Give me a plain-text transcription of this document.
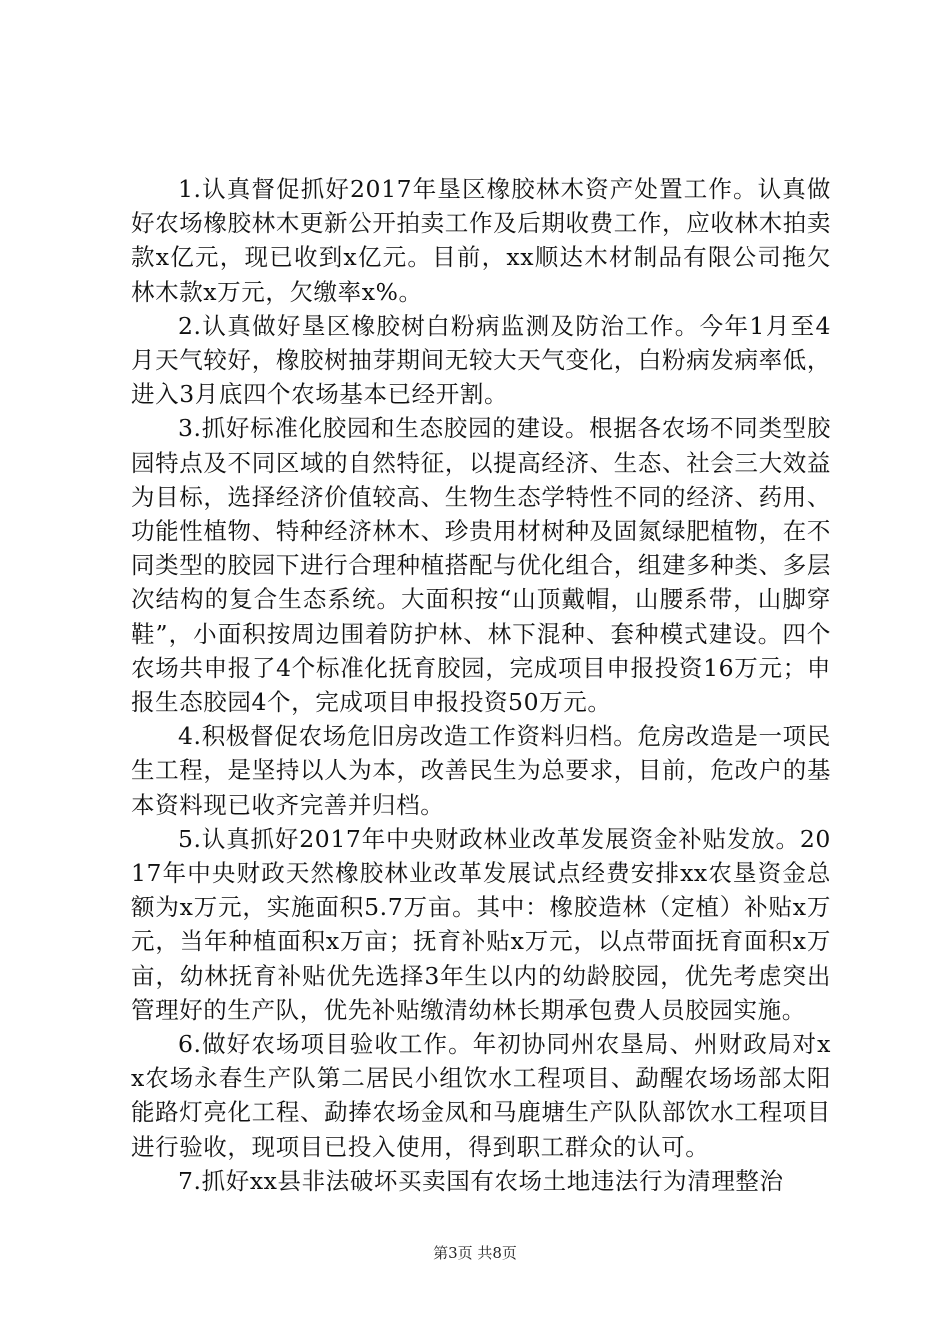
1.认真督促抓好2017年垦区橡胶林木资产处置工作。认真做好农场橡胶林木更新公开拍卖工作及后期收费工作，应收林木拍卖款x亿元，现已收到x亿元。目前，xx顺达木材制品有限公司拖欠林木款x万元，欠缴率x%。

2.认真做好垦区橡胶树白粉病监测及防治工作。今年1月至4月天气较好，橡胶树抽芽期间无较大天气变化，白粉病发病率低，进入3月底四个农场基本已经开割。

3.抓好标准化胶园和生态胶园的建设。根据各农场不同类型胶园特点及不同区域的自然特征，以提高经济、生态、社会三大效益为目标，选择经济价值较高、生物生态学特性不同的经济、药用、功能性植物、特种经济林木、珍贵用材树种及固氮绿肥植物，在不同类型的胶园下进行合理种植搭配与优化组合，组建多种类、多层次结构的复合生态系统。大面积按“山顶戴帽，山腰系带，山脚穿鞋”，小面积按周边围着防护林、林下混种、套种模式建设。四个农场共申报了4个标准化抚育胶园，完成项目申报投资16万元；申报生态胶园4个，完成项目申报投资50万元。

4.积极督促农场危旧房改造工作资料归档。危房改造是一项民生工程，是坚持以人为本，改善民生为总要求，目前，危改户的基本资料现已收齐完善并归档。

5.认真抓好2017年中央财政林业改革发展资金补贴发放。2017年中央财政天然橡胶林业改革发展试点经费安排xx农垦资金总额为x万元，实施面积5.7万亩。其中：橡胶造林（定植）补贴x万元，当年种植面积x万亩；抚育补贴x万元，以点带面抚育面积x万亩，幼林抚育补贴优先选择3年生以内的幼龄胶园，优先考虑突出管理好的生产队，优先补贴缴清幼林长期承包费人员胶园实施。

6.做好农场项目验收工作。年初协同州农垦局、州财政局对xx农场永春生产队第二居民小组饮水工程项目、勐醒农场场部太阳能路灯亮化工程、勐捧农场金凤和马鹿塘生产队队部饮水工程项目进行验收，现项目已投入使用，得到职工群众的认可。

7.抓好xx县非法破坏买卖国有农场土地违法行为清理整治

第3页 共8页
